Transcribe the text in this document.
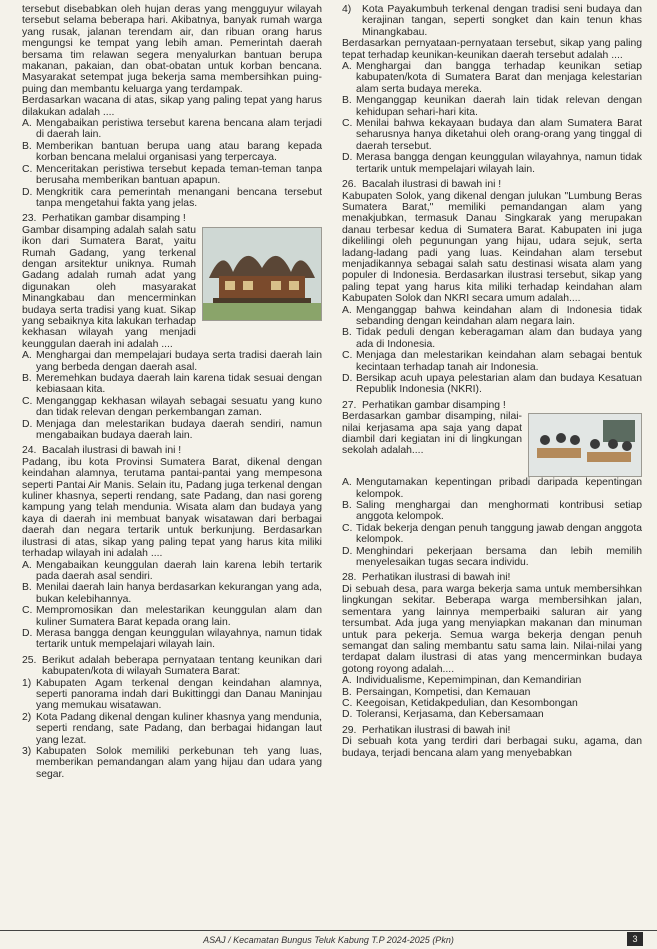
tersebut disebabkan oleh hujan deras yang mengguyur wilayah tersebut selama beberapa hari. Akibatnya, banyak rumah warga yang rusak, jalanan terendam air, dan ribuan orang harus mengungsi ke tempat yang lebih aman. Pemerintah daerah bersama tim relawan segera menyalurkan bantuan berupa makanan, pakaian, dan obat-obatan untuk korban bencana. Masyarakat setempat juga bekerja sama membersihkan puing-puing dan membantu keluarga yang terdampak.
Berdasarkan wacana di atas, sikap yang paling tepat yang harus dilakukan adalah ....
A. Mengabaikan peristiwa tersebut karena bencana alam terjadi di daerah lain.
B. Memberikan bantuan berupa uang atau barang kepada korban bencana melalui organisasi yang terpercaya.
C. Menceritakan peristiwa tersebut kepada teman-teman tanpa berusaha memberikan bantuan apapun.
D. Mengkritik cara pemerintah menangani bencana tersebut tanpa mengetahui fakta yang jelas.
23. Perhatikan gambar disamping !
Gambar disamping adalah salah satu ikon dari Sumatera Barat, yaitu Rumah Gadang, yang terkenal dengan arsitektur uniknya. Rumah Gadang adalah rumah adat yang digunakan oleh masyarakat Minangkabau dan mencerminkan budaya serta tradisi yang kuat. Sikap yang sebaiknya kita lakukan terhadap kekhasan wilayah yang menjadi keunggulan daerah ini adalah ....
A. Menghargai dan mempelajari budaya serta tradisi daerah lain yang berbeda dengan daerah asal.
B. Meremehkan budaya daerah lain karena tidak sesuai dengan kebiasaan kita.
C. Menganggap kekhasan wilayah sebagai sesuatu yang kuno dan tidak relevan dengan perkembangan zaman.
D. Menjaga dan melestarikan budaya daerah sendiri, namun mengabaikan budaya daerah lain.
24. Bacalah ilustrasi di bawah ini !
Padang, ibu kota Provinsi Sumatera Barat, dikenal dengan keindahan alamnya, terutama pantai-pantai yang mempesona seperti Pantai Air Manis. Selain itu, Padang juga terkenal dengan kuliner khasnya, seperti rendang, sate Padang, dan nasi goreng kampung yang telah mendunia. Wisata alam dan budaya yang kaya di daerah ini membuat banyak wisatawan dari berbagai daerah dan negara tertarik untuk berkunjung. Berdasarkan ilustrasi di atas, sikap yang paling tepat yang harus kita miliki terhadap wilayah ini adalah ....
A. Mengabaikan keunggulan daerah lain karena lebih tertarik pada daerah asal sendiri.
B. Menilai daerah lain hanya berdasarkan kekurangan yang ada, bukan kelebihannya.
C. Mempromosikan dan melestarikan keunggulan alam dan kuliner Sumatera Barat kepada orang lain.
D. Merasa bangga dengan keunggulan wilayahnya, namun tidak tertarik untuk mempelajari wilayah lain.
25. Berikut adalah beberapa pernyataan tentang keunikan dari kabupaten/kota di wilayah Sumatera Barat:
1) Kabupaten Agam terkenal dengan keindahan alamnya, seperti panorama indah dari Bukittinggi dan Danau Maninjau yang memukau wisatawan.
2) Kota Padang dikenal dengan kuliner khasnya yang mendunia, seperti rendang, sate Padang, dan berbagai hidangan laut yang lezat.
3) Kabupaten Solok memiliki perkebunan teh yang luas, memberikan pemandangan alam yang hijau dan udara yang segar.
4)	Kota Payakumbuh terkenal dengan tradisi seni budaya dan kerajinan tangan, seperti songket dan kain tenun khas Minangkabau.
Berdasarkan pernyataan-pernyataan tersebut, sikap yang paling tepat terhadap keunikan-keunikan daerah tersebut adalah ....
A. Menghargai dan bangga terhadap keunikan setiap kabupaten/kota di Sumatera Barat dan menjaga kelestarian alam serta budaya mereka.
B. Menganggap keunikan daerah lain tidak relevan dengan kehidupan sehari-hari kita.
C. Menilai bahwa kekayaan budaya dan alam Sumatera Barat seharusnya hanya diketahui oleh orang-orang yang tinggal di daerah tersebut.
D. Merasa bangga dengan keunggulan wilayahnya, namun tidak tertarik untuk mempelajari wilayah lain.
26. Bacalah ilustrasi di bawah ini !
Kabupaten Solok, yang dikenal dengan julukan "Lumbung Beras Sumatera Barat," memiliki pemandangan alam yang menakjubkan, termasuk Danau Singkarak yang merupakan danau terbesar kedua di Sumatera Barat. Kabupaten ini juga dikelilingi oleh pegunungan yang hijau, udara sejuk, serta ladang-ladang padi yang luas. Keindahan alam tersebut menjadikannya sebagai salah satu destinasi wisata alam yang populer di Indonesia. Berdasarkan ilustrasi tersebut, sikap yang paling tepat yang harus kita miliki terhadap keindahan alam Kabupaten Solok dan NKRI secara umum adalah....
A. Menganggap bahwa keindahan alam di Indonesia tidak sebanding dengan keindahan alam negara lain.
B. Tidak peduli dengan keberagaman alam dan budaya yang ada di Indonesia.
C. Menjaga dan melestarikan keindahan alam sebagai bentuk kecintaan terhadap tanah air Indonesia.
D. Bersikap acuh upaya pelestarian alam dan budaya Kesatuan Republik Indonesia (NKRI).
27. Perhatikan gambar disamping !
Berdasarkan gambar disamping, nilai-nilai kerjasama apa saja yang dapat diambil dari kegiatan ini di lingkungan sekolah adalah....
A. Mengutamakan kepentingan pribadi daripada kepentingan kelompok.
B. Saling menghargai dan menghormati kontribusi setiap anggota kelompok.
C. Tidak bekerja dengan penuh tanggung jawab dengan anggota kelompok.
D. Menghindari pekerjaan bersama dan lebih memilih menyelesaikan tugas secara individu.
28. Perhatikan ilustrasi di bawah ini!
Di sebuah desa, para warga bekerja sama untuk membersihkan lingkungan sekitar. Beberapa warga membersihkan jalan, sementara yang lainnya memperbaiki saluran air yang tersumbat. Ada juga yang menyiapkan makanan dan minuman untuk para pekerja. Semua warga bekerja dengan penuh semangat dan saling membantu satu sama lain. Nilai-nilai yang terdapat dalam ilustrasi di atas yang mencerminkan budaya gotong royong adalah....
A. Individualisme, Kepemimpinan, dan Kemandirian
B. Persaingan, Kompetisi, dan Kemauan
C. Keegoisan, Ketidakpedulian, dan Kesombongan
D. Toleransi, Kerjasama, dan Kebersamaan
29. Perhatikan ilustrasi di bawah ini!
Di sebuah kota yang terdiri dari berbagai suku, agama, dan budaya, terjadi bencana alam yang menyebabkan
ASAJ / Kecamatan Bungus Teluk Kabung T.P 2024-2025 (Pkn)	3
